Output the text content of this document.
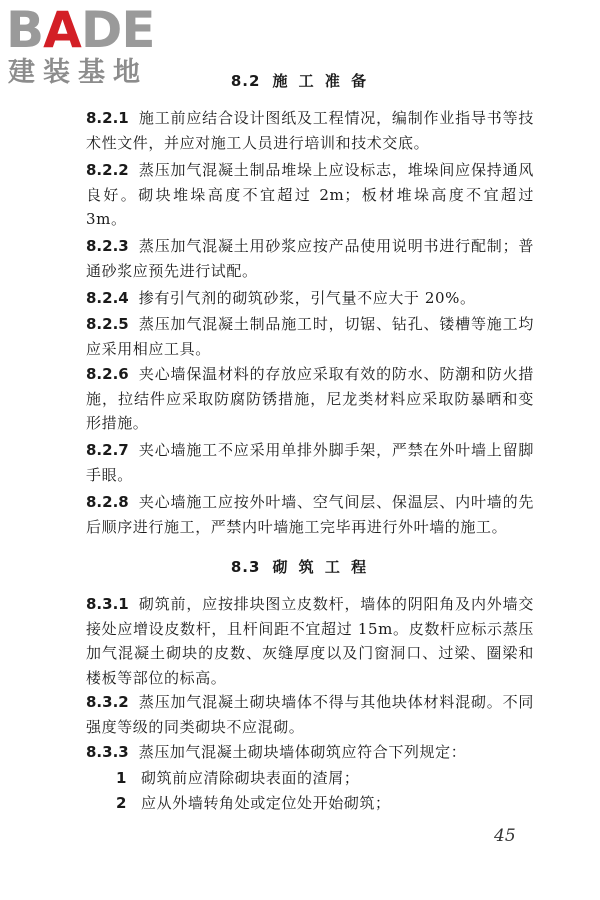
BADE
建装基地	8.2 施 工 准 备
8.2.1 施工前应结合设计图纸及工程情况，编制作业指导书等技术性文件，并应对施工人员进行培训和技术交底。
8.2.2 蒸压加气混凝土制品堆垛上应设标志，堆垛间应保持通风良好。砌块堆垛高度不宜超过 2m；板材堆垛高度不宜超过 3m。
8.2.3 蒸压加气混凝土用砂浆应按产品使用说明书进行配制；普通砂浆应预先进行试配。
8.2.4 掺有引气剂的砌筑砂浆，引气量不应大于 20%。
8.2.5 蒸压加气混凝土制品施工时，切锯、钻孔、镂槽等施工均应采用相应工具。
8.2.6 夹心墙保温材料的存放应采取有效的防水、防潮和防火措施，拉结件应采取防腐防锈措施，尼龙类材料应采取防暴晒和变形措施。
8.2.7 夹心墙施工不应采用单排外脚手架，严禁在外叶墙上留脚手眼。
8.2.8 夹心墙施工应按外叶墙、空气间层、保温层、内叶墙的先后顺序进行施工，严禁内叶墙施工完毕再进行外叶墙的施工。
8.3 砌 筑 工 程
8.3.1 砌筑前，应按排块图立皮数杆，墙体的阴阳角及内外墙交接处应增设皮数杆，且杆间距不宜超过 15m。皮数杆应标示蒸压加气混凝土砌块的皮数、灰缝厚度以及门窗洞口、过梁、圈梁和楼板等部位的标高。
8.3.2 蒸压加气混凝土砌块墙体不得与其他块体材料混砌。不同强度等级的同类砌块不应混砌。
8.3.3 蒸压加气混凝土砌块墙体砌筑应符合下列规定：
1 砌筑前应清除砌块表面的渣屑；
2 应从外墙转角处或定位处开始砌筑；
45
